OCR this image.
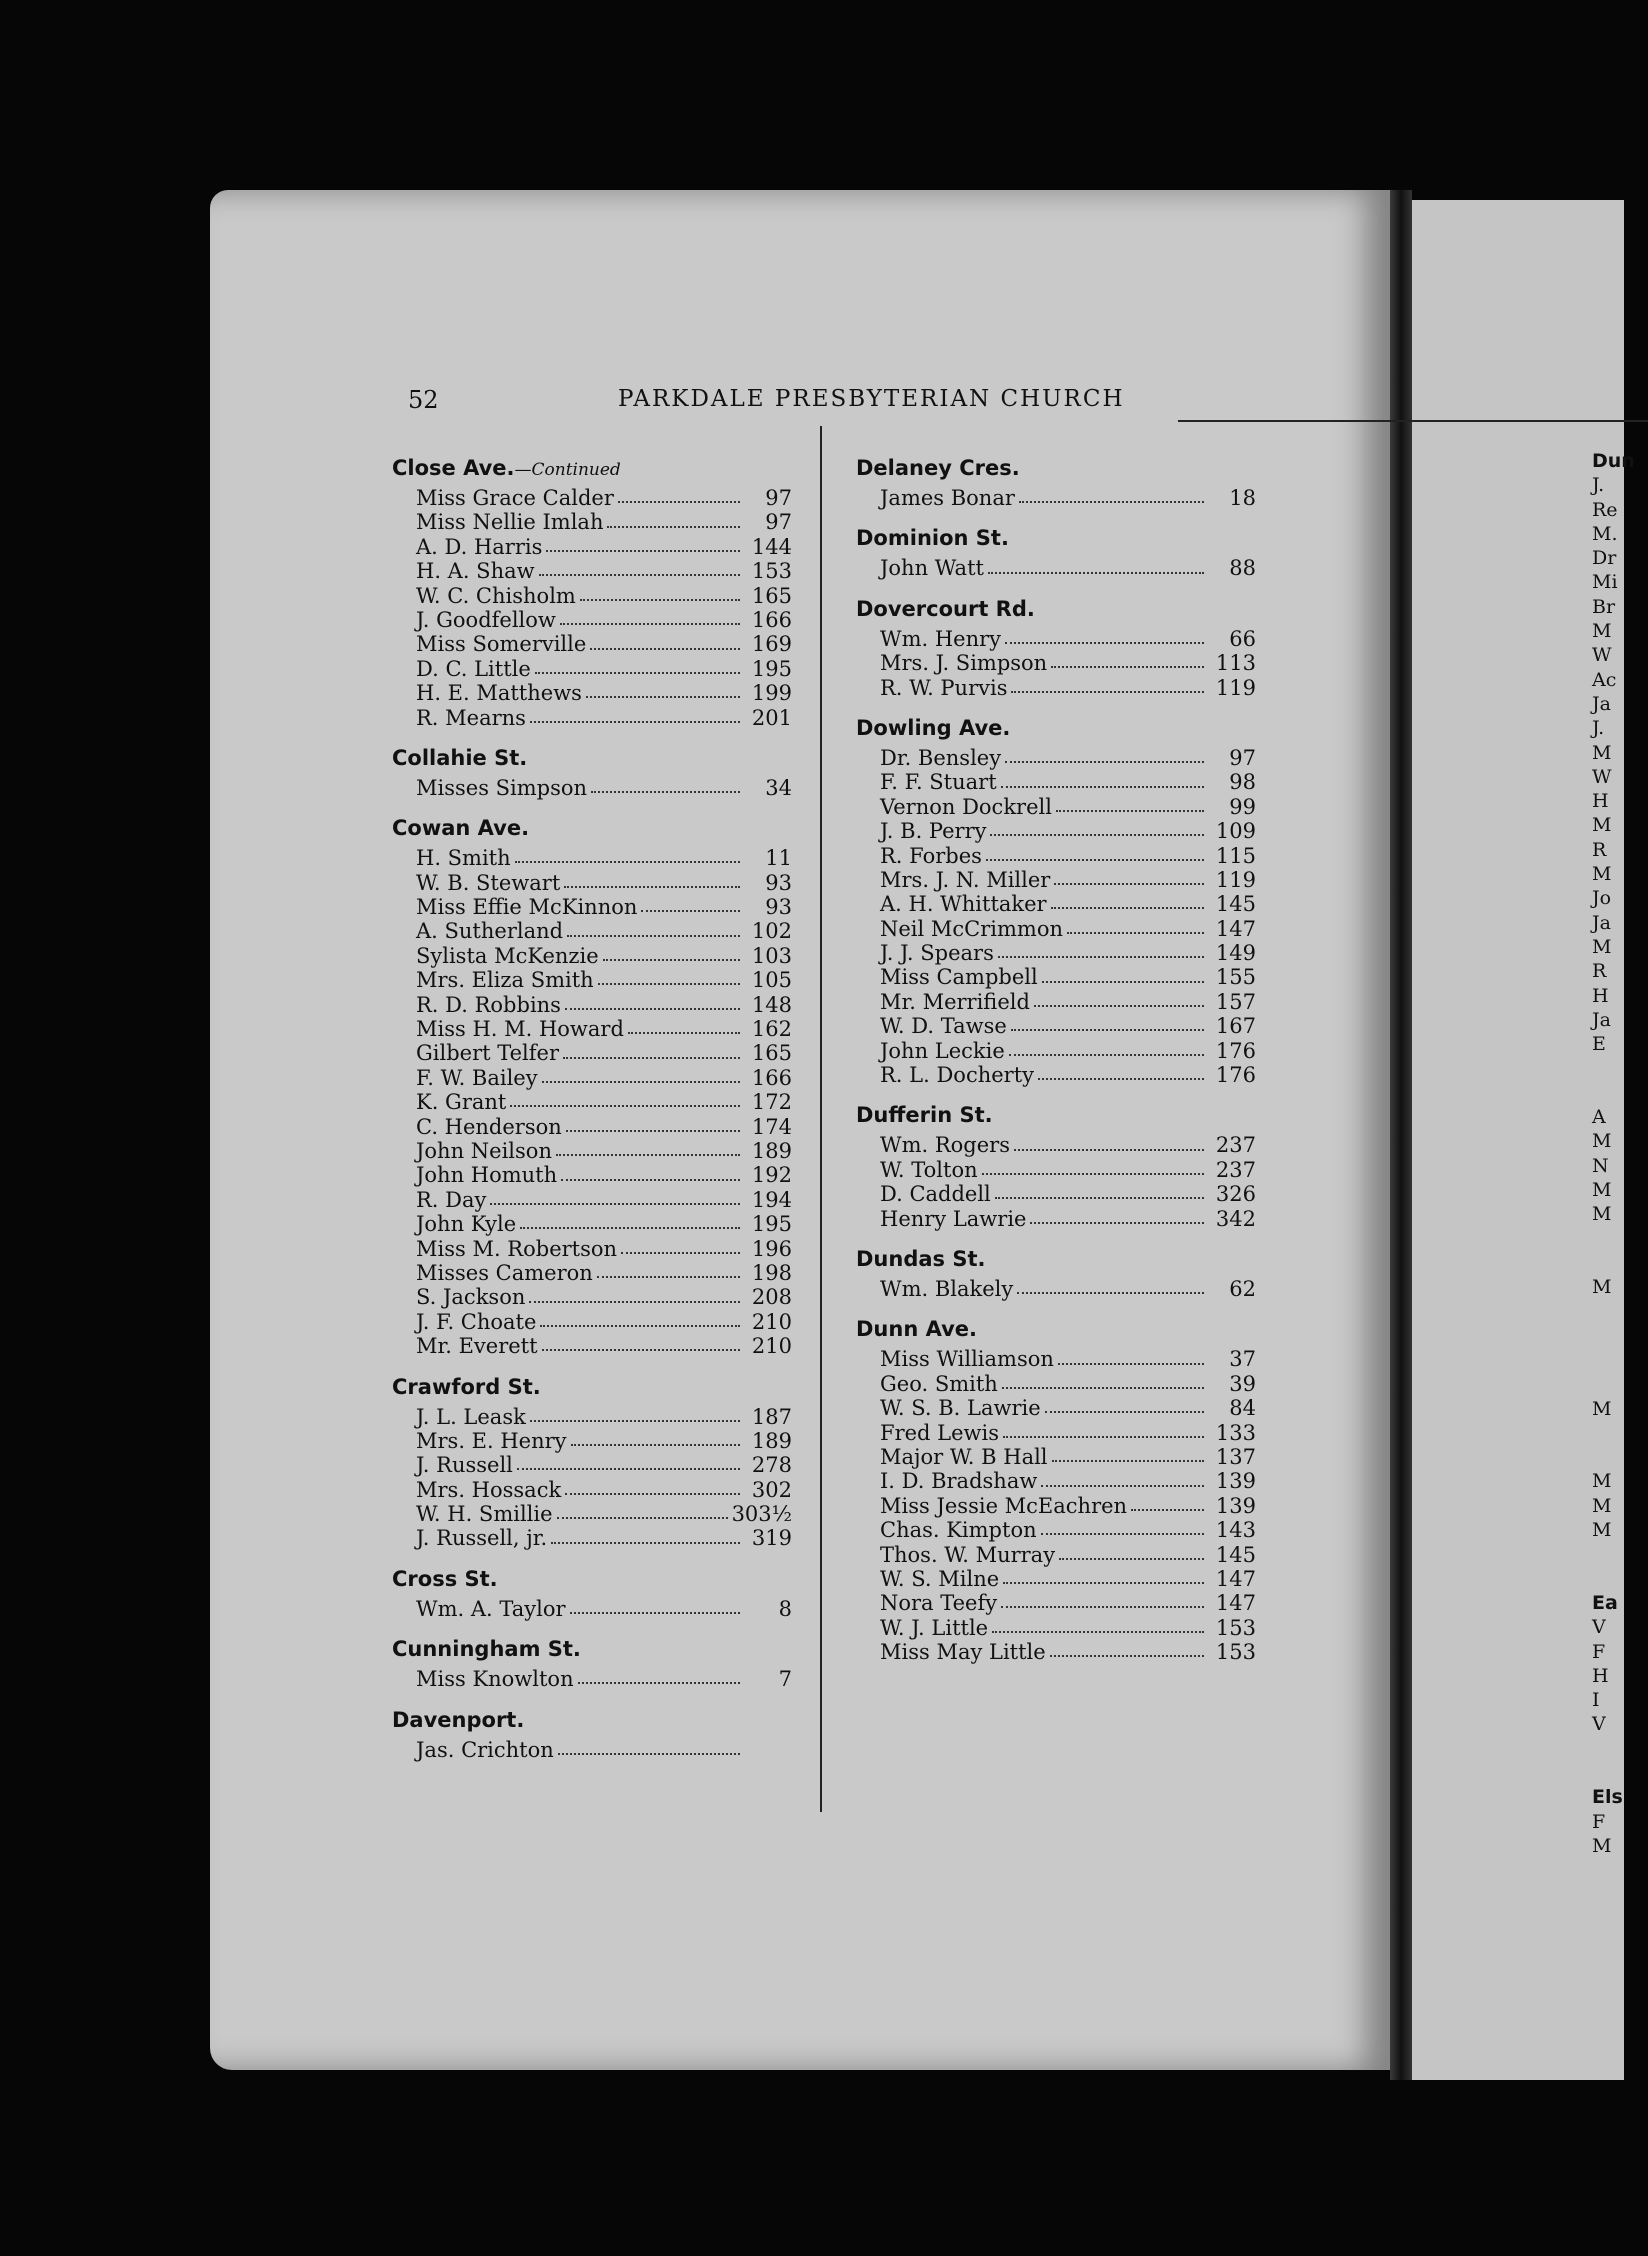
52	PARKDALE PRESBYTERIAN CHURCH
Close Ave.—Continued
Miss Grace Calder	97
Miss Nellie Imlah	97
A. D. Harris	144
H. A. Shaw	153
W. C. Chisholm	165
J. Goodfellow	166
Miss Somerville	169
D. C. Little	195
H. E. Matthews	199
R. Mearns	201
Collahie St.
Misses Simpson	34
Cowan Ave.
H. Smith	11
W. B. Stewart	93
Miss Effie McKinnon	93
A. Sutherland	102
Sylista McKenzie	103
Mrs. Eliza Smith	105
R. D. Robbins	148
Miss H. M. Howard	162
Gilbert Telfer	165
F. W. Bailey	166
K. Grant	172
C. Henderson	174
John Neilson	189
John Homuth	192
R. Day	194
John Kyle	195
Miss M. Robertson	196
Misses Cameron	198
S. Jackson	208
J. F. Choate	210
Mr. Everett	210
Crawford St.
J. L. Leask	187
Mrs. E. Henry	189
J. Russell	278
Mrs. Hossack	302
W. H. Smillie	303½
J. Russell, jr.	319
Cross St.
Wm. A. Taylor	8
Cunningham St.
Miss Knowlton	7
Davenport.
Jas. Crichton
Delaney Cres.
James Bonar	18
Dominion St.
John Watt	88
Dovercourt Rd.
Wm. Henry	66
Mrs. J. Simpson	113
R. W. Purvis	119
Dowling Ave.
Dr. Bensley	97
F. F. Stuart	98
Vernon Dockrell	99
J. B. Perry	109
R. Forbes	115
Mrs. J. N. Miller	119
A. H. Whittaker	145
Neil McCrimmon	147
J. J. Spears	149
Miss Campbell	155
Mr. Merrifield	157
W. D. Tawse	167
John Leckie	176
R. L. Docherty	176
Dufferin St.
Wm. Rogers	237
W. Tolton	237
D. Caddell	326
Henry Lawrie	342
Dundas St.
Wm. Blakely	62
Dunn Ave.
Miss Williamson	37
Geo. Smith	39
W. S. B. Lawrie	84
Fred Lewis	133
Major W. B Hall	137
I. D. Bradshaw	139
Miss Jessie McEachren	139
Chas. Kimpton	143
Thos. W. Murray	145
W. S. Milne	147
Nora Teefy	147
W. J. Little	153
Miss May Little	153
Dun
J.
Re
M.
Dr
Mi
Br
M
W
Ac
Ja
J.
M
W
H
M
R
M
Jo
Ja
M
R
H
Ja
E
A
M
N
M
M
M
M
M
M
M
Ea
V
F
H
I
V
Els
F
M
